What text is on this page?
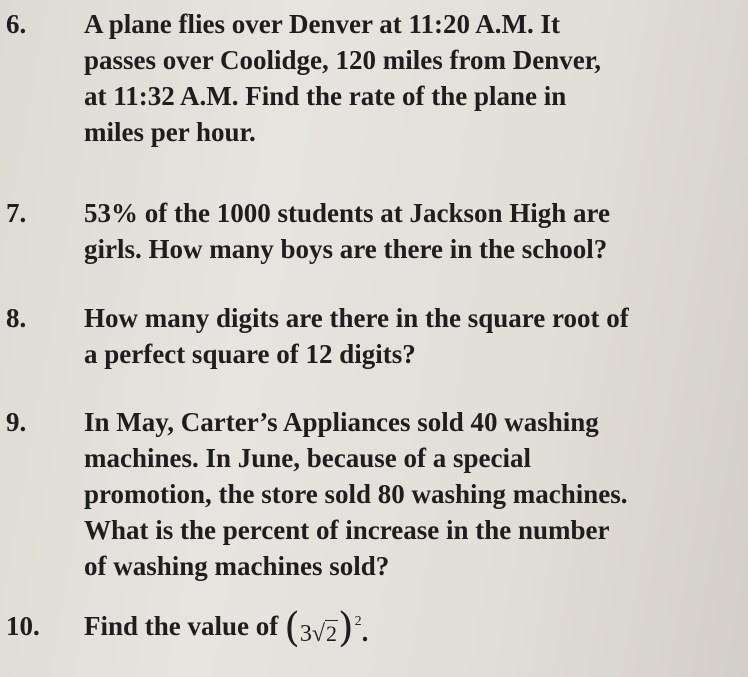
6. A plane flies over Denver at 11:20 A.M. It
passes over Coolidge, 120 miles from Denver,
at 11:32 A.M. Find the rate of the plane in
miles per hour.
7. 53% of the 1000 students at Jackson High are
girls. How many boys are there in the school?
8. How many digits are there in the square root of
a perfect square of 12 digits?
9. In May, Carter’s Appliances sold 40 washing
machines. In June, because of a special
promotion, the store sold 80 washing machines.
What is the percent of increase in the number
of washing machines sold?
10. Find the value of $(3√2)^2$.
